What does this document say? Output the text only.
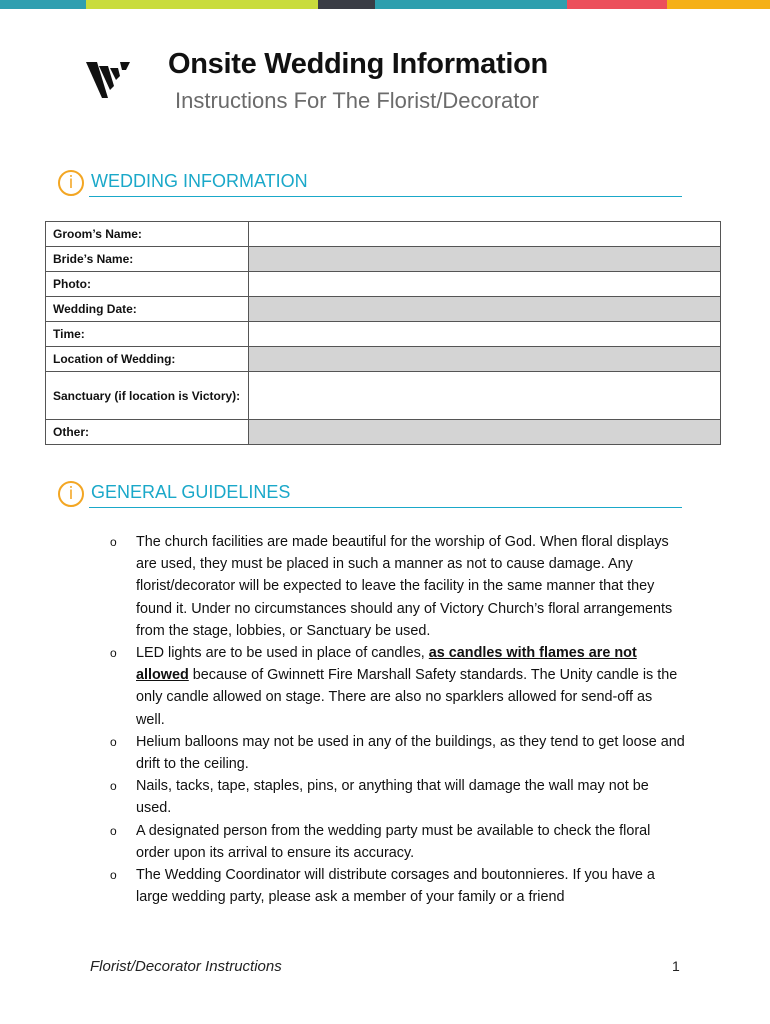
Onsite Wedding Information
Instructions For The Florist/Decorator
i WEDDING INFORMATION
Groom’s Name:	
Bride’s Name:	
Photo:	
Wedding Date:	
Time:	
Location of Wedding:	
Sanctuary (if location is Victory):	
Other:	
i GENERAL GUIDELINES
o The church facilities are made beautiful for the worship of God. When floral displays are used, they must be placed in such a manner as not to cause damage. Any florist/decorator will be expected to leave the facility in the same manner that they found it. Under no circumstances should any of Victory Church’s floral arrangements from the stage, lobbies, or Sanctuary be used.
o LED lights are to be used in place of candles, as candles with flames are not allowed because of Gwinnett Fire Marshall Safety standards. The Unity candle is the only candle allowed on stage. There are also no sparklers allowed for send-off as well.
o Helium balloons may not be used in any of the buildings, as they tend to get loose and drift to the ceiling.
o Nails, tacks, tape, staples, pins, or anything that will damage the wall may not be used.
o A designated person from the wedding party must be available to check the floral order upon its arrival to ensure its accuracy.
o The Wedding Coordinator will distribute corsages and boutonnieres. If you have a large wedding party, please ask a member of your family or a friend
Florist/Decorator Instructions	1
